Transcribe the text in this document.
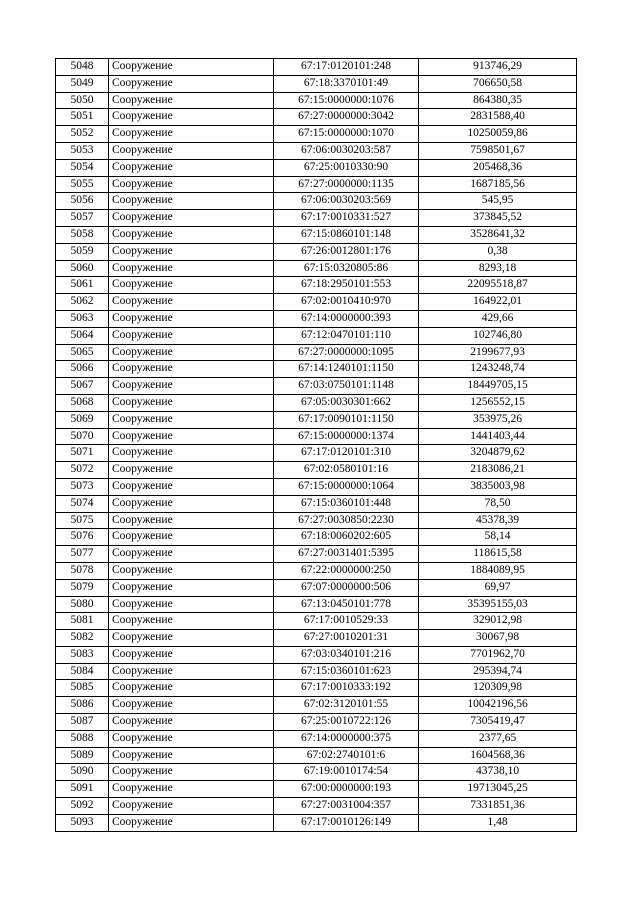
5048	Сооружение	67:17:0120101:248	913746,29
5049	Сооружение	67:18:3370101:49	706650,58
5050	Сооружение	67:15:0000000:1076	864380,35
5051	Сооружение	67:27:0000000:3042	2831588,40
5052	Сооружение	67:15:0000000:1070	10250059,86
5053	Сооружение	67:06:0030203:587	7598501,67
5054	Сооружение	67:25:0010330:90	205468,36
5055	Сооружение	67:27:0000000:1135	1687185,56
5056	Сооружение	67:06:0030203:569	545,95
5057	Сооружение	67:17:0010331:527	373845,52
5058	Сооружение	67:15:0860101:148	3528641,32
5059	Сооружение	67:26:0012801:176	0,38
5060	Сооружение	67:15:0320805:86	8293,18
5061	Сооружение	67:18:2950101:553	22095518,87
5062	Сооружение	67:02:0010410:970	164922,01
5063	Сооружение	67:14:0000000:393	429,66
5064	Сооружение	67:12:0470101:110	102746,80
5065	Сооружение	67:27:0000000:1095	2199677,93
5066	Сооружение	67:14:1240101:1150	1243248,74
5067	Сооружение	67:03:0750101:1148	18449705,15
5068	Сооружение	67:05:0030301:662	1256552,15
5069	Сооружение	67:17:0090101:1150	353975,26
5070	Сооружение	67:15:0000000:1374	1441403,44
5071	Сооружение	67:17:0120101:310	3204879,62
5072	Сооружение	67:02:0580101:16	2183086,21
5073	Сооружение	67:15:0000000:1064	3835003,98
5074	Сооружение	67:15:0360101:448	78,50
5075	Сооружение	67:27:0030850:2230	45378,39
5076	Сооружение	67:18:0060202:605	58,14
5077	Сооружение	67:27:0031401:5395	118615,58
5078	Сооружение	67:22:0000000:250	1884089,95
5079	Сооружение	67:07:0000000:506	69,97
5080	Сооружение	67:13:0450101:778	35395155,03
5081	Сооружение	67:17:0010529:33	329012,98
5082	Сооружение	67:27:0010201:31	30067,98
5083	Сооружение	67:03:0340101:216	7701962,70
5084	Сооружение	67:15:0360101:623	295394,74
5085	Сооружение	67:17:0010333:192	120309,98
5086	Сооружение	67:02:3120101:55	10042196,56
5087	Сооружение	67:25:0010722:126	7305419,47
5088	Сооружение	67:14:0000000:375	2377,65
5089	Сооружение	67:02:2740101:6	1604568,36
5090	Сооружение	67:19:0010174:54	43738,10
5091	Сооружение	67:00:0000000:193	19713045,25
5092	Сооружение	67:27:0031004:357	7331851,36
5093	Сооружение	67:17:0010126:149	1,48
